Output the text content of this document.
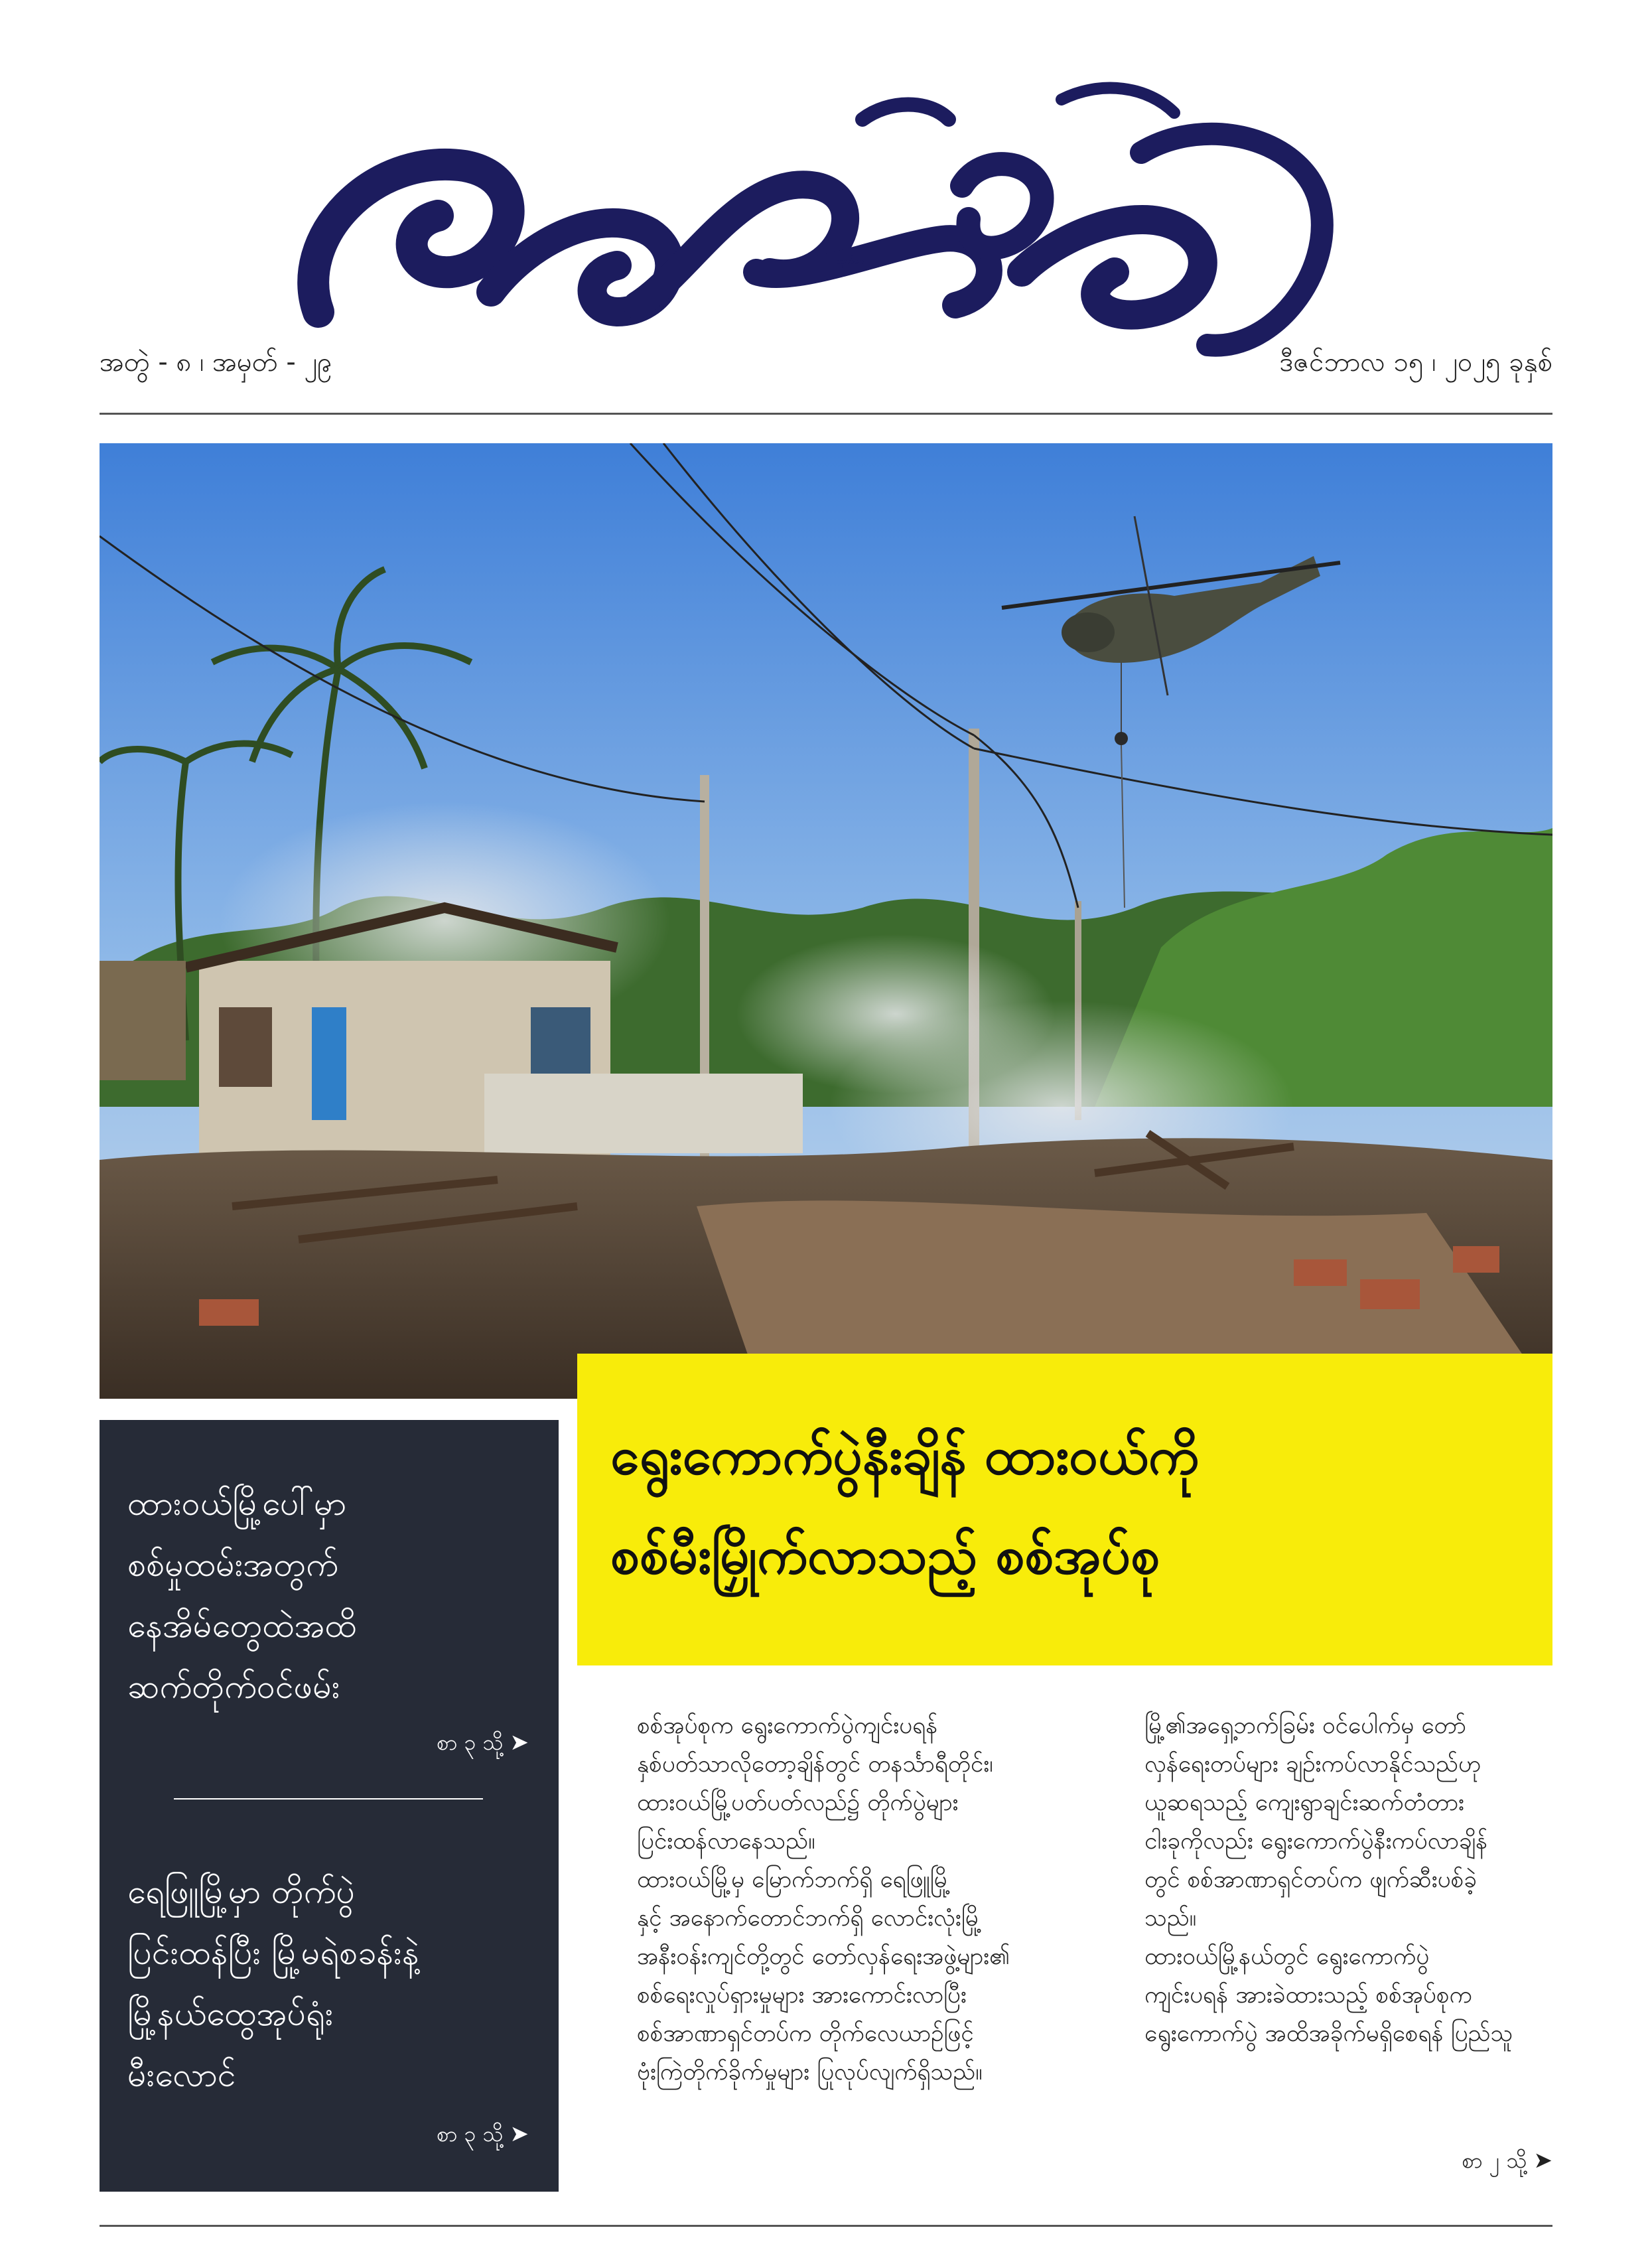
ထုတ်ဝေ
အတွဲ - ၈ ၊ အမှတ် - ၂၉	ဒီဇင်ဘာလ ၁၅ ၊ ၂၀၂၅ ခုနှစ်
ရွေးကောက်ပွဲနီးချိန် ထားဝယ်ကို
စစ်မီးမြှိုက်လာသည့် စစ်အုပ်စု
ထားဝယ်မြို့ပေါ်မှာ
စစ်မှုထမ်းအတွက်
နေအိမ်တွေထဲအထိ
ဆက်တိုက်ဝင်ဖမ်း
စာ ၃ သို့ ➤
ရေဖြူမြို့မှာ တိုက်ပွဲ
ပြင်းထန်ပြီး မြို့မရဲစခန်းနဲ့
မြို့နယ်ထွေအုပ်ရုံး
မီးလောင်
စာ ၃ သို့ ➤

စစ်အုပ်စုက ရွေးကောက်ပွဲကျင်းပရန်
နှစ်ပတ်သာလိုတော့ချိန်တွင် တနင်္သာရီတိုင်း၊
ထားဝယ်မြို့ပတ်ပတ်လည်၌ တိုက်ပွဲများ
ပြင်းထန်လာနေသည်။

ထားဝယ်မြို့မှ မြောက်ဘက်ရှိ ရေဖြူမြို့
နှင့် အနောက်တောင်ဘက်ရှိ လောင်းလုံးမြို့
အနီးဝန်းကျင်တို့တွင် တော်လှန်ရေးအဖွဲ့များ၏
စစ်ရေးလှုပ်ရှားမှုများ အားကောင်းလာပြီး
စစ်အာဏာရှင်တပ်က တိုက်လေယာဉ်ဖြင့်
ဗုံးကြဲတိုက်ခိုက်မှုများ ပြုလုပ်လျက်ရှိသည်။

မြို့၏အရှေ့ဘက်ခြမ်း ဝင်ပေါက်မှ တော်
လှန်ရေးတပ်များ ချဉ်းကပ်လာနိုင်သည်ဟု
ယူဆရသည့် ကျေးရွာချင်းဆက်တံတား
ငါးခုကိုလည်း ရွေးကောက်ပွဲနီးကပ်လာချိန်
တွင် စစ်အာဏာရှင်တပ်က ဖျက်ဆီးပစ်ခဲ့
သည်။

ထားဝယ်မြို့နယ်တွင် ရွေးကောက်ပွဲ
ကျင်းပရန် အားခဲထားသည့် စစ်အုပ်စုက
ရွေးကောက်ပွဲ အထိအခိုက်မရှိစေရန် ပြည်သူ

စာ ၂ သို့ ➤
